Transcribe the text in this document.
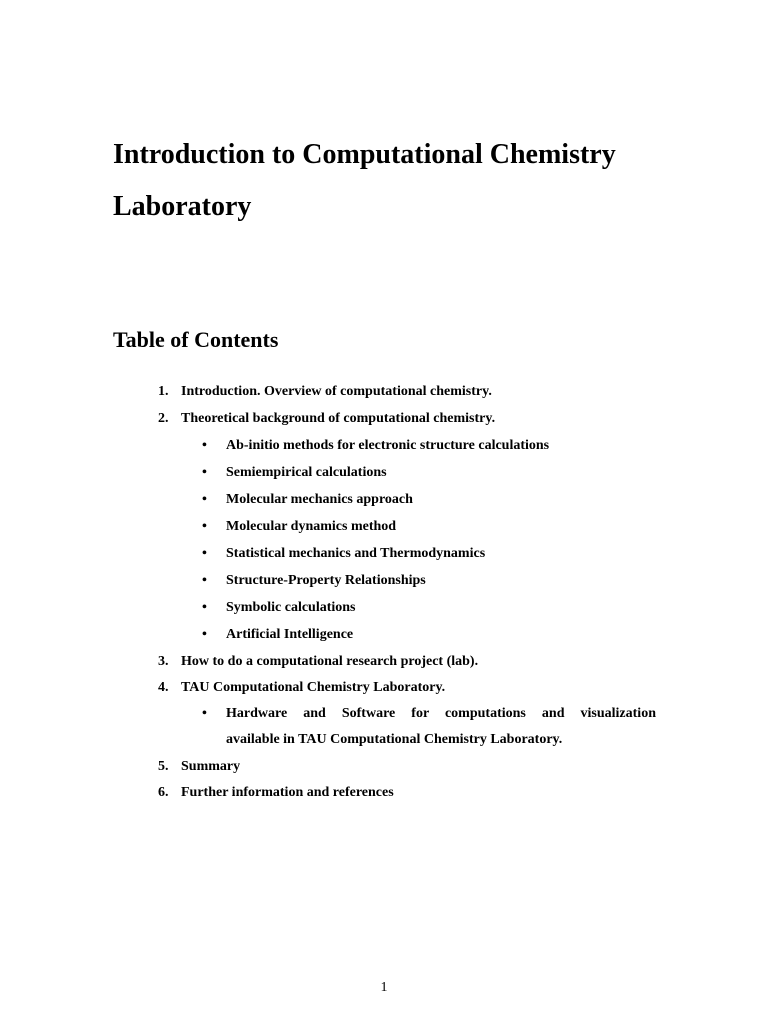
Introduction to Computational Chemistry
Laboratory
Table of Contents
1. Introduction. Overview of computational chemistry.
2. Theoretical background of computational chemistry.
• Ab-initio methods for electronic structure calculations
• Semiempirical calculations
• Molecular mechanics approach
• Molecular dynamics method
• Statistical mechanics and Thermodynamics
• Structure-Property Relationships
• Symbolic calculations
• Artificial Intelligence
3. How to do a computational research project (lab).
4. TAU Computational Chemistry Laboratory.
• Hardware and Software for computations and visualization
available in TAU Computational Chemistry Laboratory.
5. Summary
6. Further information and references
1
